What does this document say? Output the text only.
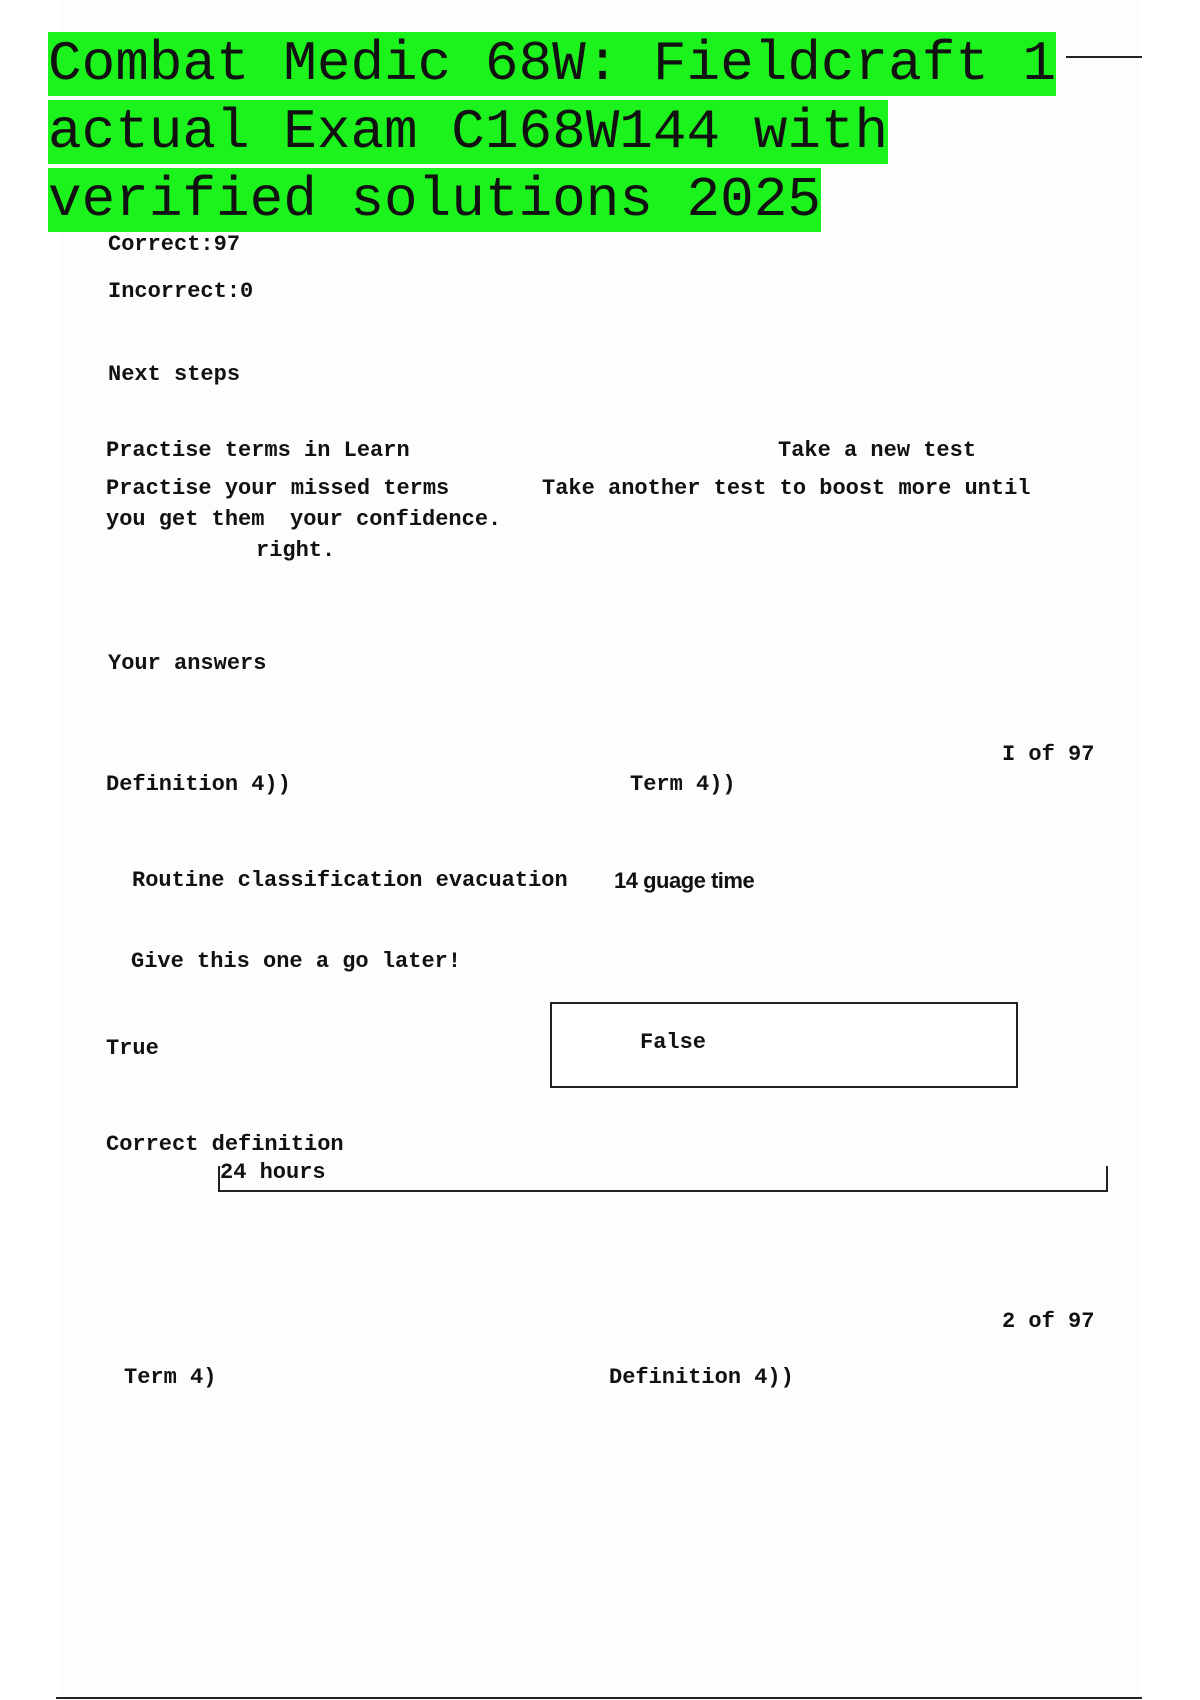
Combat Medic 68W: Fieldcraft 1
actual Exam C168W144 with
verified solutions 2025
Correct:97
Incorrect:0
Next steps
Practise terms in Learn	Take a new test
Practise your missed terms	Take another test to boost more until
you get them your confidence.
right.
Your answers
I of 97
Definition 4))	Term 4))
Routine classification evacuation 14 guage time
Give this one a go later!
True	False
Correct definition
24 hours
2 of 97
Term 4)	Definition 4))
